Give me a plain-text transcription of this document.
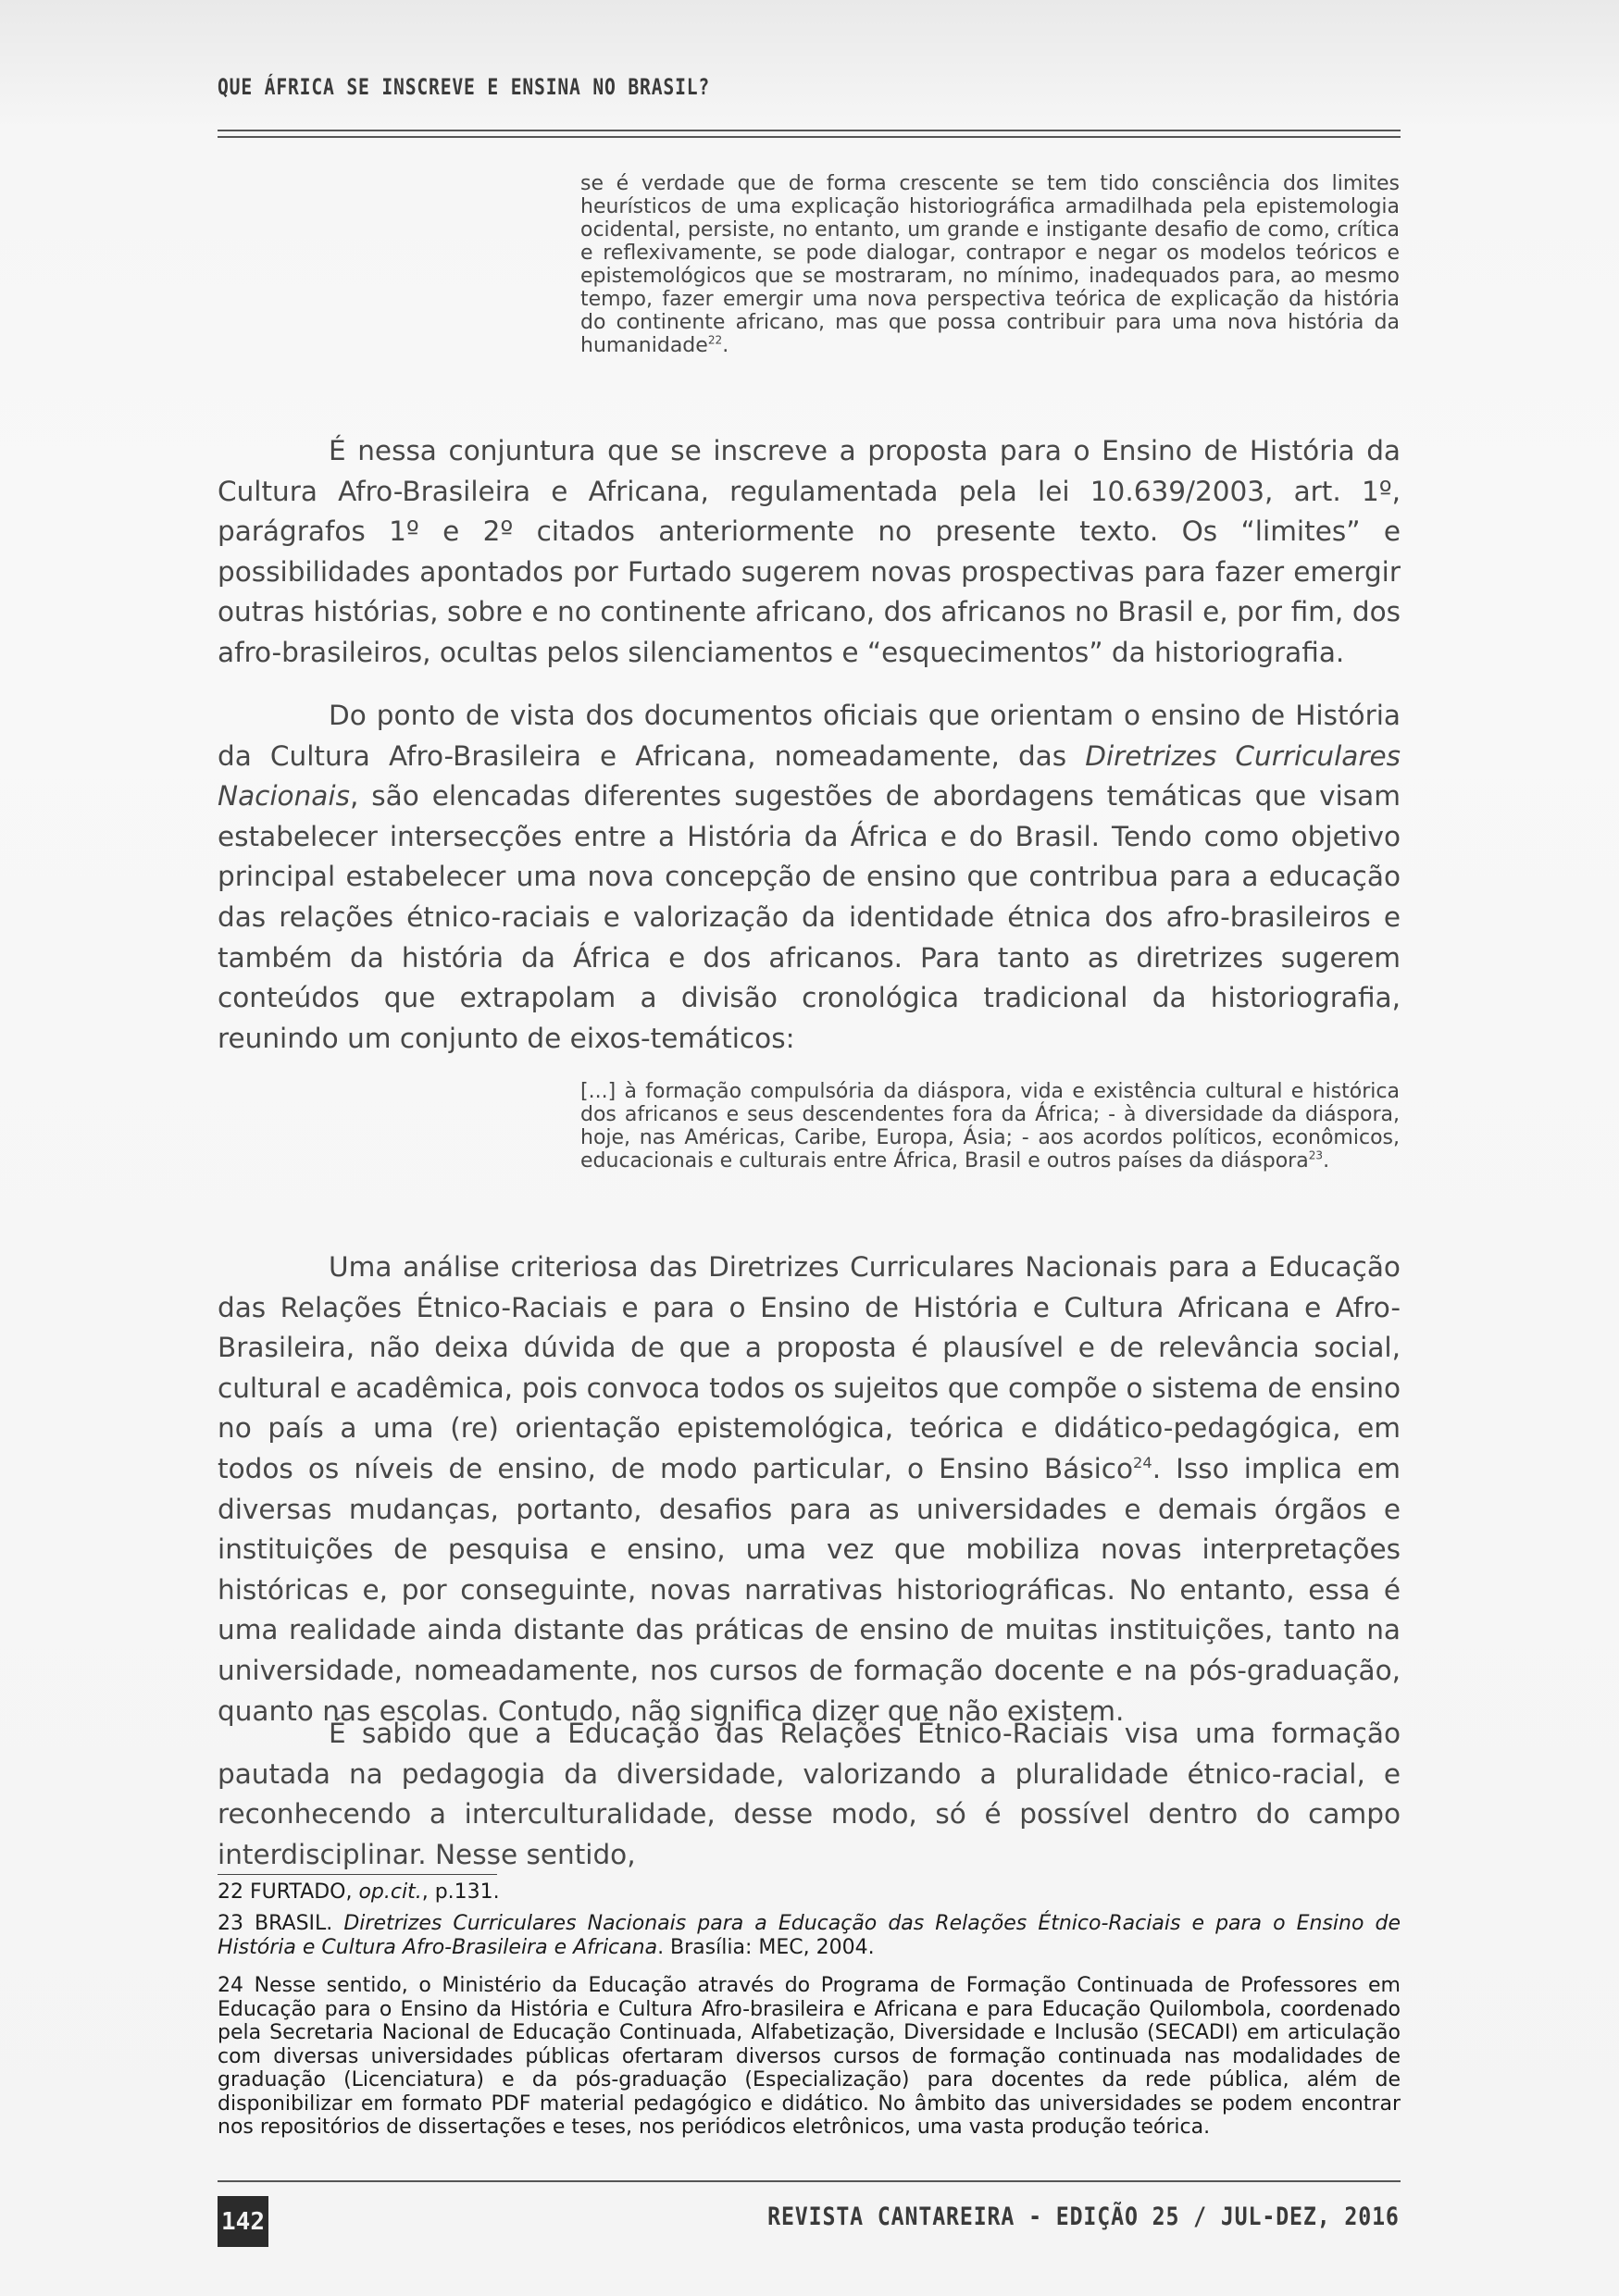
QUE ÁFRICA SE INSCREVE E ENSINA NO BRASIL?
se é verdade que de forma crescente se tem tido consciência dos limites heurísticos de uma explicação historiográfica armadilhada pela epistemologia ocidental, persiste, no entanto, um grande e instigante desafio de como, crítica e reflexivamente, se pode dialogar, contrapor e negar os modelos teóricos e epistemológicos que se mostraram, no mínimo, inadequados para, ao mesmo tempo, fazer emergir uma nova perspectiva teórica de explicação da história do continente africano, mas que possa contribuir para uma nova história da humanidade$^{22}$.

É nessa conjuntura que se inscreve a proposta para o Ensino de História da Cultura Afro-Brasileira e Africana, regulamentada pela lei 10.639/2003, art. 1º, parágrafos 1º e 2º citados anteriormente no presente texto. Os “limites” e possibilidades apontados por Furtado sugerem novas prospectivas para fazer emergir outras histórias, sobre e no continente africano, dos africanos no Brasil e, por fim, dos afro-brasileiros, ocultas pelos silenciamentos e “esquecimentos” da historiografia.

Do ponto de vista dos documentos oficiais que orientam o ensino de História da Cultura Afro-Brasileira e Africana, nomeadamente, das Diretrizes Curriculares Nacionais, são elencadas diferentes sugestões de abordagens temáticas que visam estabelecer intersecções entre a História da África e do Brasil. Tendo como objetivo principal estabelecer uma nova concepção de ensino que contribua para a educação das relações étnico-raciais e valorização da identidade étnica dos afro-brasileiros e também da história da África e dos africanos. Para tanto as diretrizes sugerem conteúdos que extrapolam a divisão cronológica tradicional da historiografia, reunindo um conjunto de eixos-temáticos:

[...] à formação compulsória da diáspora, vida e existência cultural e histórica dos africanos e seus descendentes fora da África; - à diversidade da diáspora, hoje, nas Américas, Caribe, Europa, Ásia; - aos acordos políticos, econômicos, educacionais e culturais entre África, Brasil e outros países da diáspora$^{23}$.

Uma análise criteriosa das Diretrizes Curriculares Nacionais para a Educação das Relações Étnico-Raciais e para o Ensino de História e Cultura Africana e Afro-Brasileira, não deixa dúvida de que a proposta é plausível e de relevância social, cultural e acadêmica, pois convoca todos os sujeitos que compõe o sistema de ensino no país a uma (re) orientação epistemológica, teórica e didático-pedagógica, em todos os níveis de ensino, de modo particular, o Ensino Básico$^{24}$. Isso implica em diversas mudanças, portanto, desafios para as universidades e demais órgãos e instituições de pesquisa e ensino, uma vez que mobiliza novas interpretações históricas e, por conseguinte, novas narrativas historiográficas. No entanto, essa é uma realidade ainda distante das práticas de ensino de muitas instituições, tanto na universidade, nomeadamente, nos cursos de formação docente e na pós-graduação, quanto nas escolas. Contudo, não significa dizer que não existem.

É sabido que a Educação das Relações Étnico-Raciais visa uma formação pautada na pedagogia da diversidade, valorizando a pluralidade étnico-racial, e reconhecendo a interculturalidade, desse modo, só é possível dentro do campo interdisciplinar. Nesse sentido,

22 FURTADO, op.cit., p.131.

23 BRASIL. Diretrizes Curriculares Nacionais para a Educação das Relações Étnico-Raciais e para o Ensino de História e Cultura Afro-Brasileira e Africana. Brasília: MEC, 2004.

24 Nesse sentido, o Ministério da Educação através do Programa de Formação Continuada de Professores em Educação para o Ensino da História e Cultura Afro-brasileira e Africana e para Educação Quilombola, coordenado pela Secretaria Nacional de Educação Continuada, Alfabetização, Diversidade e Inclusão (SECADI) em articulação com diversas universidades públicas ofertaram diversos cursos de formação continuada nas modalidades de graduação (Licenciatura) e da pós-graduação (Especialização) para docentes da rede pública, além de disponibilizar em formato PDF material pedagógico e didático. No âmbito das universidades se podem encontrar nos repositórios de dissertações e teses, nos periódicos eletrônicos, uma vasta produção teórica.

142	REVISTA CANTAREIRA - EDIÇÃO 25 / JUL-DEZ, 2016
